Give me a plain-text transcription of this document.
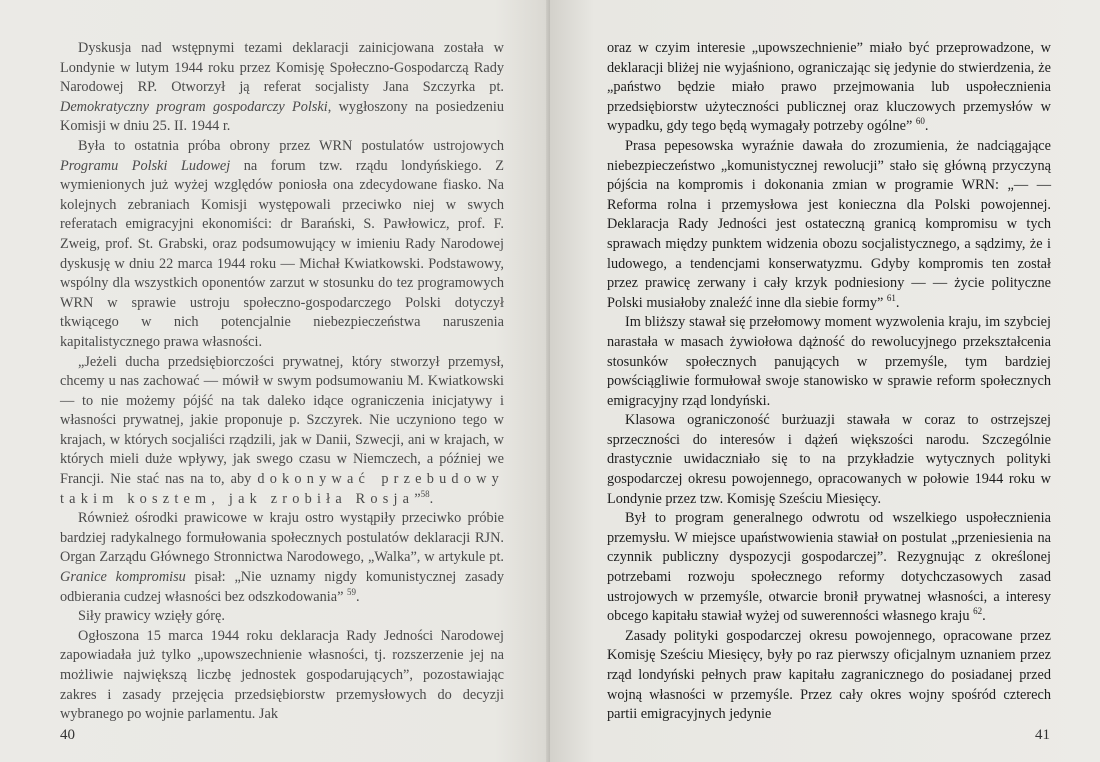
Dyskusja nad wstępnymi tezami deklaracji zainicjowana została w Londynie w lutym 1944 roku przez Komisję Społeczno-Gospodarczą Rady Narodowej RP. Otworzył ją referat socjalisty Jana Szczyrka pt. Demokratyczny program gospodarczy Polski, wygłoszony na posiedzeniu Komisji w dniu 25. II. 1944 r.

Była to ostatnia próba obrony przez WRN postulatów ustrojowych Programu Polski Ludowej na forum tzw. rządu londyńskiego. Z wymienionych już wyżej względów poniosła ona zdecydowane fiasko. Na kolejnych zebraniach Komisji występowali przeciwko niej w swych referatach emigracyjni ekonomiści: dr Barański, S. Pawłowicz, prof. F. Zweig, prof. St. Grabski, oraz podsumowujący w imieniu Rady Narodowej dyskusję w dniu 22 marca 1944 roku — Michał Kwiatkowski. Podstawowy, wspólny dla wszystkich oponentów zarzut w stosunku do tez programowych WRN w sprawie ustroju społeczno-gospodarczego Polski dotyczył tkwiącego w nich potencjalnie niebezpieczeństwa naruszenia kapitalistycznego prawa własności.

„Jeżeli ducha przedsiębiorczości prywatnej, który stworzył przemysł, chcemy u nas zachować — mówił w swym podsumowaniu M. Kwiatkowski — to nie możemy pójść na tak daleko idące ograniczenia inicjatywy i własności prywatnej, jakie proponuje p. Szczyrek. Nie uczyniono tego w krajach, w których socjaliści rządzili, jak w Danii, Szwecji, ani w krajach, w których mieli duże wpływy, jak swego czasu w Niemczech, a później we Francji. Nie stać nas na to, aby dokonywać przebudowy takim kosztem, jak zrobiła Rosja”$^{58}$.

Również ośrodki prawicowe w kraju ostro wystąpiły przeciwko próbie bardziej radykalnego formułowania społecznych postulatów deklaracji RJN. Organ Zarządu Głównego Stronnictwa Narodowego, „Walka”, w artykule pt. Granice kompromisu pisał: „Nie uznamy nigdy komunistycznej zasady odbierania cudzej własności bez odszkodowania” $^{59}$.

Siły prawicy wzięły górę.

Ogłoszona 15 marca 1944 roku deklaracja Rady Jedności Narodowej zapowiadała już tylko „upowszechnienie własności, tj. rozszerzenie jej na możliwie największą liczbę jednostek gospodarujących”, pozostawiając zakres i zasady przejęcia przedsiębiorstw przemysłowych do decyzji wybranego po wojnie parlamentu. Jak

40

oraz w czyim interesie „upowszechnienie” miało być przeprowadzone, w deklaracji bliżej nie wyjaśniono, ograniczając się jedynie do stwierdzenia, że „państwo będzie miało prawo przejmowania lub uspołecznienia przedsiębiorstw użyteczności publicznej oraz kluczowych przemysłów w wypadku, gdy tego będą wymagały potrzeby ogólne” $^{60}$.

Prasa pepesowska wyraźnie dawała do zrozumienia, że nadciągające niebezpieczeństwo „komunistycznej rewolucji” stało się główną przyczyną pójścia na kompromis i dokonania zmian w programie WRN: „— — Reforma rolna i przemysłowa jest konieczna dla Polski powojennej. Deklaracja Rady Jedności jest ostateczną granicą kompromisu w tych sprawach między punktem widzenia obozu socjalistycznego, a sądzimy, że i ludowego, a tendencjami konserwatyzmu. Gdyby kompromis ten został przez prawicę zerwany i cały krzyk podniesiony — — życie polityczne Polski musiałoby znaleźć inne dla siebie formy” $^{61}$.

Im bliższy stawał się przełomowy moment wyzwolenia kraju, im szybciej narastała w masach żywiołowa dążność do rewolucyjnego przekształcenia stosunków społecznych panujących w przemyśle, tym bardziej powściągliwie formułował swoje stanowisko w sprawie reform społecznych emigracyjny rząd londyński.

Klasowa ograniczoność burżuazji stawała w coraz to ostrzejszej sprzeczności do interesów i dążeń większości narodu. Szczególnie drastycznie uwidaczniało się to na przykładzie wytycznych polityki gospodarczej okresu powojennego, opracowanych w połowie 1944 roku w Londynie przez tzw. Komisję Sześciu Miesięcy.

Był to program generalnego odwrotu od wszelkiego uspołecznienia przemysłu. W miejsce upaństwowienia stawiał on postulat „przeniesienia na czynnik publiczny dyspozycji gospodarczej”. Rezygnując z określonej potrzebami rozwoju społecznego reformy dotychczasowych zasad ustrojowych w przemyśle, otwarcie bronił prywatnej własności, a interesy obcego kapitału stawiał wyżej od suwerenności własnego kraju $^{62}$.

Zasady polityki gospodarczej okresu powojennego, opracowane przez Komisję Sześciu Miesięcy, były po raz pierwszy oficjalnym uznaniem przez rząd londyński pełnych praw kapitału zagranicznego do posiadanej przed wojną własności w przemyśle. Przez cały okres wojny spośród czterech partii emigracyjnych jedynie

41
